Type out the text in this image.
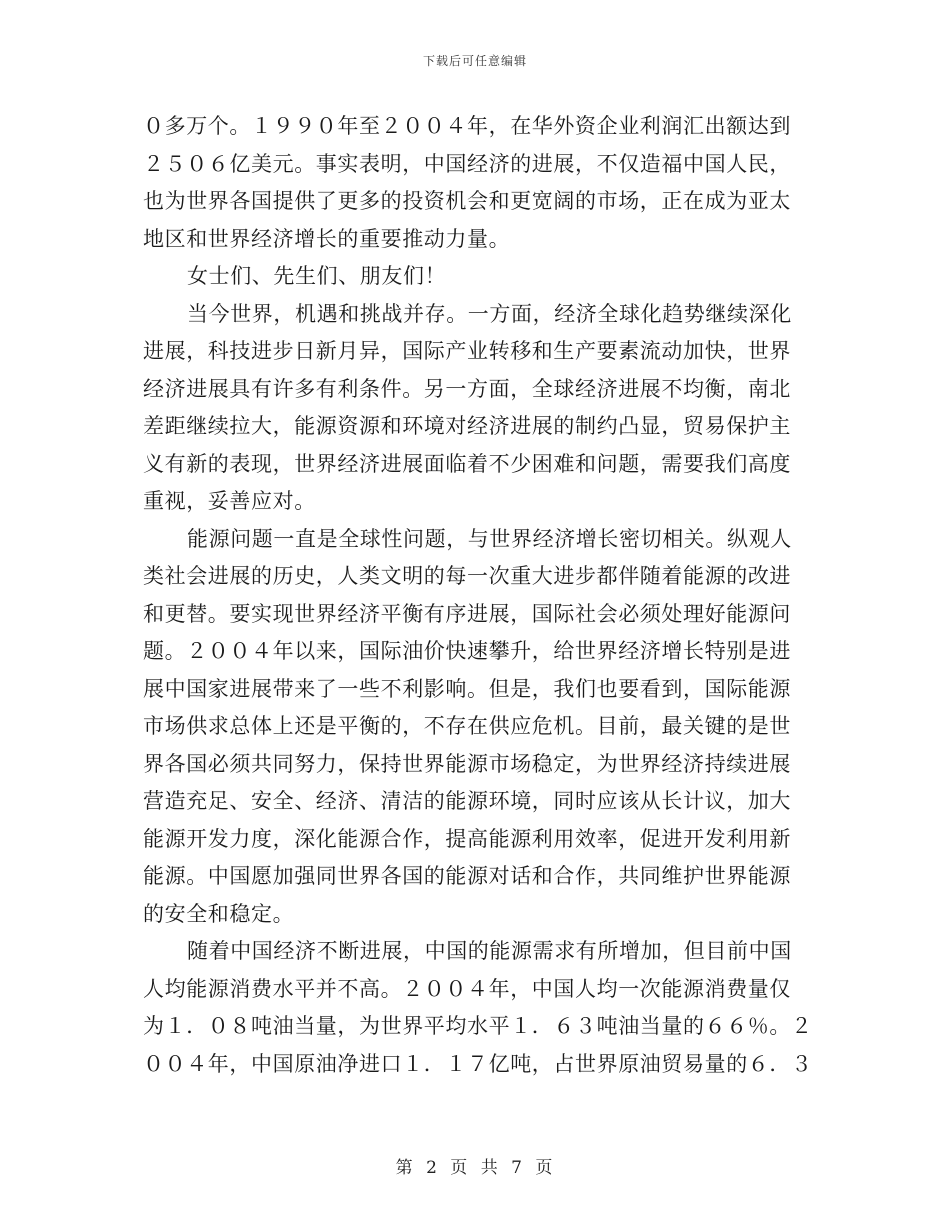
下载后可任意编辑
０多万个。１９９０年至２００４年，在华外资企业利润汇出额达到
２５０６亿美元。事实表明，中国经济的进展，不仅造福中国人民，
也为世界各国提供了更多的投资机会和更宽阔的市场，正在成为亚太
地区和世界经济增长的重要推动力量。
女士们、先生们、朋友们！
当今世界，机遇和挑战并存。一方面，经济全球化趋势继续深化
进展，科技进步日新月异，国际产业转移和生产要素流动加快，世界
经济进展具有许多有利条件。另一方面，全球经济进展不均衡，南北
差距继续拉大，能源资源和环境对经济进展的制约凸显，贸易保护主
义有新的表现，世界经济进展面临着不少困难和问题，需要我们高度
重视，妥善应对。
能源问题一直是全球性问题，与世界经济增长密切相关。纵观人
类社会进展的历史，人类文明的每一次重大进步都伴随着能源的改进
和更替。要实现世界经济平衡有序进展，国际社会必须处理好能源问
题。２００４年以来，国际油价快速攀升，给世界经济增长特别是进
展中国家进展带来了一些不利影响。但是，我们也要看到，国际能源
市场供求总体上还是平衡的，不存在供应危机。目前，最关键的是世
界各国必须共同努力，保持世界能源市场稳定，为世界经济持续进展
营造充足、安全、经济、清洁的能源环境，同时应该从长计议，加大
能源开发力度，深化能源合作，提高能源利用效率，促进开发利用新
能源。中国愿加强同世界各国的能源对话和合作，共同维护世界能源
的安全和稳定。
随着中国经济不断进展，中国的能源需求有所增加，但目前中国
人均能源消费水平并不高。２００４年，中国人均一次能源消费量仅
为１．０８吨油当量，为世界平均水平１．６３吨油当量的６６％。２
００４年，中国原油净进口１．１７亿吨，占世界原油贸易量的６．３
第 2 页 共 7 页
